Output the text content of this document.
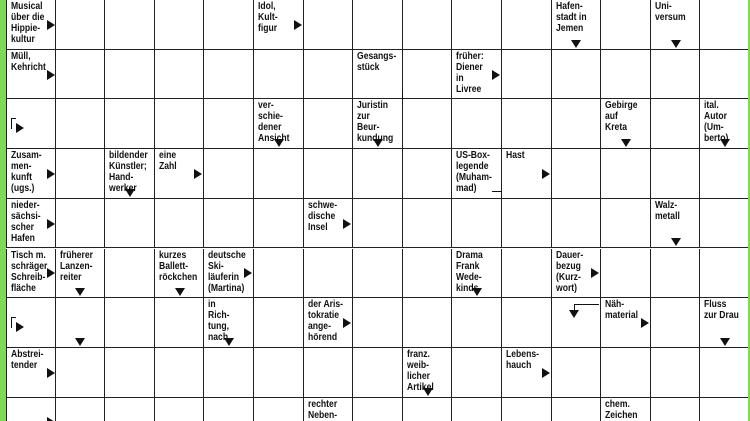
Musical
über die
Hippie-
kultur
Idol,
Kult-
figur
Hafen-
stadt in
Jemen
Uni-
versum
Müll,
Kehricht
Gesangs-
stück
früher:
Diener
in
Livree
ver-
schie-
dener
Ansicht
Juristin
zur
Beur-
kundung
Gebirge
auf
Kreta
ital.
Autor
(Um-
berto)
Zusam-
men-
kunft
(ugs.)
bildender
Künstler;
Hand-
werker
eine
Zahl
US-Box-
legende
(Muham-
mad)
Hast
nieder-
sächsi-
scher
Hafen
schwe-
dische
Insel
Walz-
metall
Tisch m.
schräger
Schreib-
fläche
früherer
Lanzen-
reiter
kurzes
Ballett-
röckchen
deutsche
Ski-
läuferin
(Martina)
Drama
Frank
Wede-
kinds
Dauer-
bezug
(Kurz-
wort)
in
Rich-
tung,
nach
der Aris-
tokratie
ange-
hörend
Näh-
material
Fluss
zur Drau
Abstrei-
tender
franz.
weib-
licher
Artikel
Lebens-
hauch
rechter
Neben-
chem.
Zeichen
